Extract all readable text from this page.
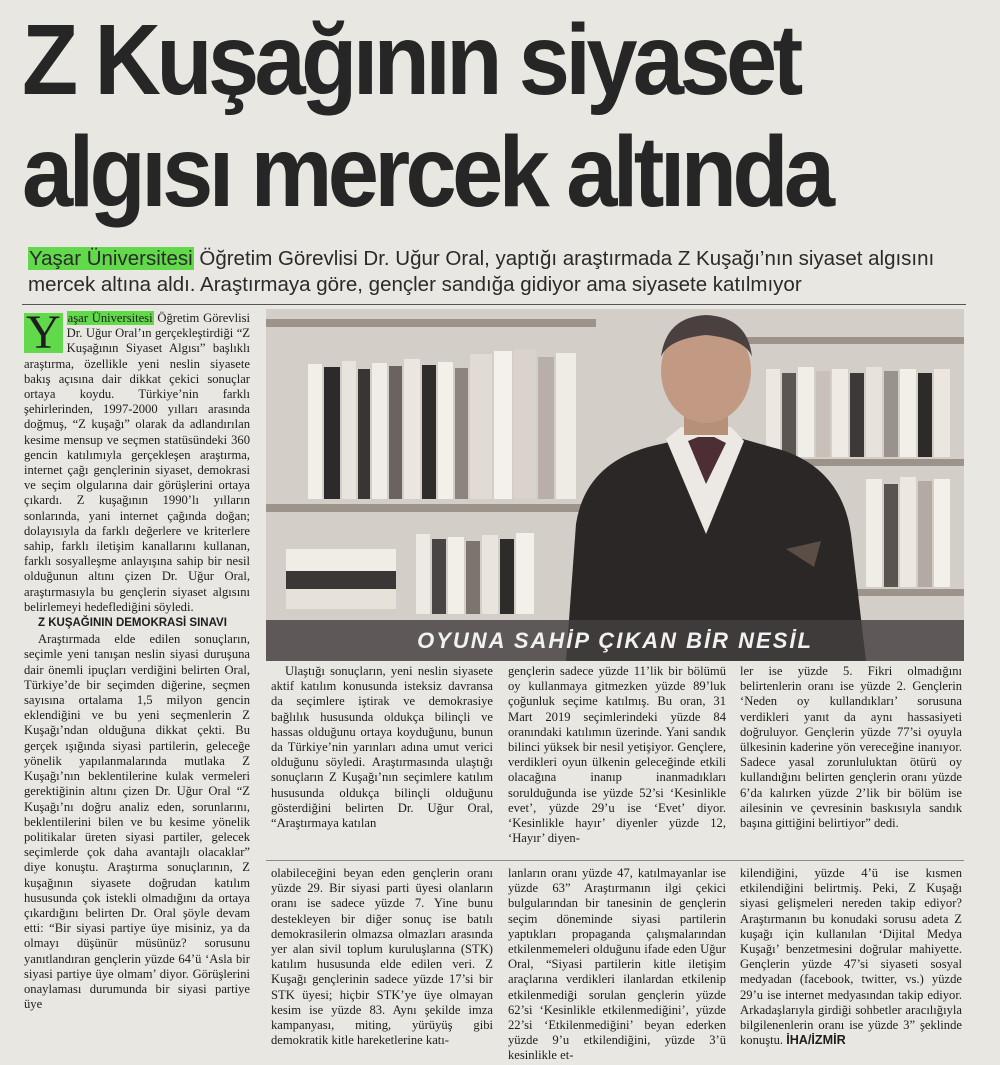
Z Kuşağının siyaset
algısı mercek altında
Yaşar Üniversitesi Öğretim Görevlisi Dr. Uğur Oral, yaptığı araştırmada Z Kuşağı’nın siyaset algısını mercek altına aldı. Araştırmaya göre, gençler sandığa gidiyor ama siyasete katılmıyor

Y aşar Üniversitesi Öğretim Görevlisi Dr. Uğur Oral’ın gerçekleştirdiği “Z Kuşağının Siyaset Algısı” başlıklı araştırma, özellikle yeni neslin siyasete bakış açısına dair dikkat çekici sonuçlar ortaya koydu. Türkiye’nin farklı şehirlerinden, 1997-2000 yılları arasında doğmuş, “Z kuşağı” olarak da adlandırılan kesime mensup ve seçmen statüsündeki 360 gencin katılımıyla gerçekleşen araştırma, internet çağı gençlerinin siyaset, demokrasi ve seçim olgularına dair görüşlerini ortaya çıkardı. Z kuşağının 1990’lı yılların sonlarında, yani internet çağında doğan; dolayısıyla da farklı değerlere ve kriterlere sahip, farklı iletişim kanallarını kullanan, farklı sosyalleşme anlayışına sahip bir nesil olduğunun altını çizen Dr. Uğur Oral, araştırmasıyla bu gençlerin siyaset algısını belirlemeyi hedeflediğini söyledi.

Z KUŞAĞININ DEMOKRASİ SINAVI

Araştırmada elde edilen sonuçların, seçimle yeni tanışan neslin siyasi duruşuna dair önemli ipuçları verdiğini belirten Oral, Türkiye’de bir seçimden diğerine, seçmen sayısına ortalama 1,5 milyon gencin eklendiğini ve bu yeni seçmenlerin Z Kuşağı’ndan olduğuna dikkat çekti. Bu gerçek ışığında siyasi partilerin, geleceğe yönelik yapılanmalarında mutlaka Z Kuşağı’nın beklentilerine kulak vermeleri gerektiğinin altını çizen Dr. Uğur Oral “Z Kuşağı’nı doğru analiz eden, sorunlarını, beklentilerini bilen ve bu kesime yönelik politikalar üreten siyasi partiler, gelecek seçimlerde çok daha avantajlı olacaklar” diye konuştu. Araştırma sonuçlarının, Z kuşağının siyasete doğrudan katılım hususunda çok istekli olmadığını da ortaya çıkardığını belirten Dr. Oral şöyle devam etti: “Bir siyasi partiye üye misiniz, ya da olmayı düşünür müsünüz? sorusunu yanıtlandıran gençlerin yüzde 64’ü ‘Asla bir siyasi partiye üye olmam’ diyor. Görüşlerini onaylaması durumunda bir siyasi partiye üye

OYUNA SAHİP ÇIKAN BİR NESİL

Ulaştığı sonuçların, yeni neslin siyasete aktif katılım konusunda isteksiz davransa da seçimlere iştirak ve demokrasiye bağlılık hususunda oldukça bilinçli ve hassas olduğunu ortaya koyduğunu, bunun da Türkiye’nin yarınları adına umut verici olduğunu söyledi. Araştırmasında ulaştığı sonuçların Z Kuşağı’nın seçimlere katılım hususunda oldukça bilinçli olduğunu gösterdiğini belirten Dr. Uğur Oral, “Araştırmaya katılan

gençlerin sadece yüzde 11’lik bir bölümü oy kullanmaya gitmezken yüzde 89’luk çoğunluk seçime katılmış. Bu oran, 31 Mart 2019 seçimlerindeki yüzde 84 oranındaki katılımın üzerinde. Yani sandık bilinci yüksek bir nesil yetişiyor. Gençlere, verdikleri oyun ülkenin geleceğinde etkili olacağına inanıp inanmadıkları sorulduğunda ise yüzde 52’si ‘Kesinlikle evet’, yüzde 29’u ise ‘Evet’ diyor. ‘Kesinlikle hayır’ diyenler yüzde 12, ‘Hayır’ diyen-

ler ise yüzde 5. Fikri olmadığını belirtenlerin oranı ise yüzde 2. Gençlerin ‘Neden oy kullandıkları’ sorusuna verdikleri yanıt da aynı hassasiyeti doğruluyor. Gençlerin yüzde 77’si oyuyla ülkesinin kaderine yön vereceğine inanıyor. Sadece yasal zorunluluktan ötürü oy kullandığını belirten gençlerin oranı yüzde 6’da kalırken yüzde 2’lik bir bölüm ise ailesinin ve çevresinin baskısıyla sandık başına gittiğini belirtiyor” dedi.

olabileceğini beyan eden gençlerin oranı yüzde 29. Bir siyasi parti üyesi olanların oranı ise sadece yüzde 7. Yine bunu destekleyen bir diğer sonuç ise batılı demokrasilerin olmazsa olmazları arasında yer alan sivil toplum kuruluşlarına (STK) katılım hususunda elde edilen veri. Z Kuşağı gençlerinin sadece yüzde 17’si bir STK üyesi; hiçbir STK’ye üye olmayan kesim ise yüzde 83. Aynı şekilde imza kampanyası, miting, yürüyüş gibi demokratik kitle hareketlerine katı-

lanların oranı yüzde 47, katılmayanlar ise yüzde 63” Araştırmanın ilgi çekici bulgularından bir tanesinin de gençlerin seçim döneminde siyasi partilerin yaptıkları propaganda çalışmalarından etkilenmemeleri olduğunu ifade eden Uğur Oral, “Siyasi partilerin kitle iletişim araçlarına verdikleri ilanlardan etkilenip etkilenmediği sorulan gençlerin yüzde 62’si ‘Kesinlikle etkilenmediğini’, yüzde 22’si ‘Etkilenmediğini’ beyan ederken yüzde 9’u etkilendiğini, yüzde 3’ü kesinlikle et-

kilendiğini, yüzde 4’ü ise kısmen etkilendiğini belirtmiş. Peki, Z Kuşağı siyasi gelişmeleri nereden takip ediyor? Araştırmanın bu konudaki sorusu adeta Z kuşağı için kullanılan ‘Dijital Medya Kuşağı’ benzetmesini doğrular mahiyette. Gençlerin yüzde 47’si siyaseti sosyal medyadan (facebook, twitter, vs.) yüzde 29’u ise internet medyasından takip ediyor. Arkadaşlarıyla girdiği sohbetler aracılığıyla bilgilenenlerin oranı ise yüzde 3” şeklinde konuştu. İHA/İZMİR
